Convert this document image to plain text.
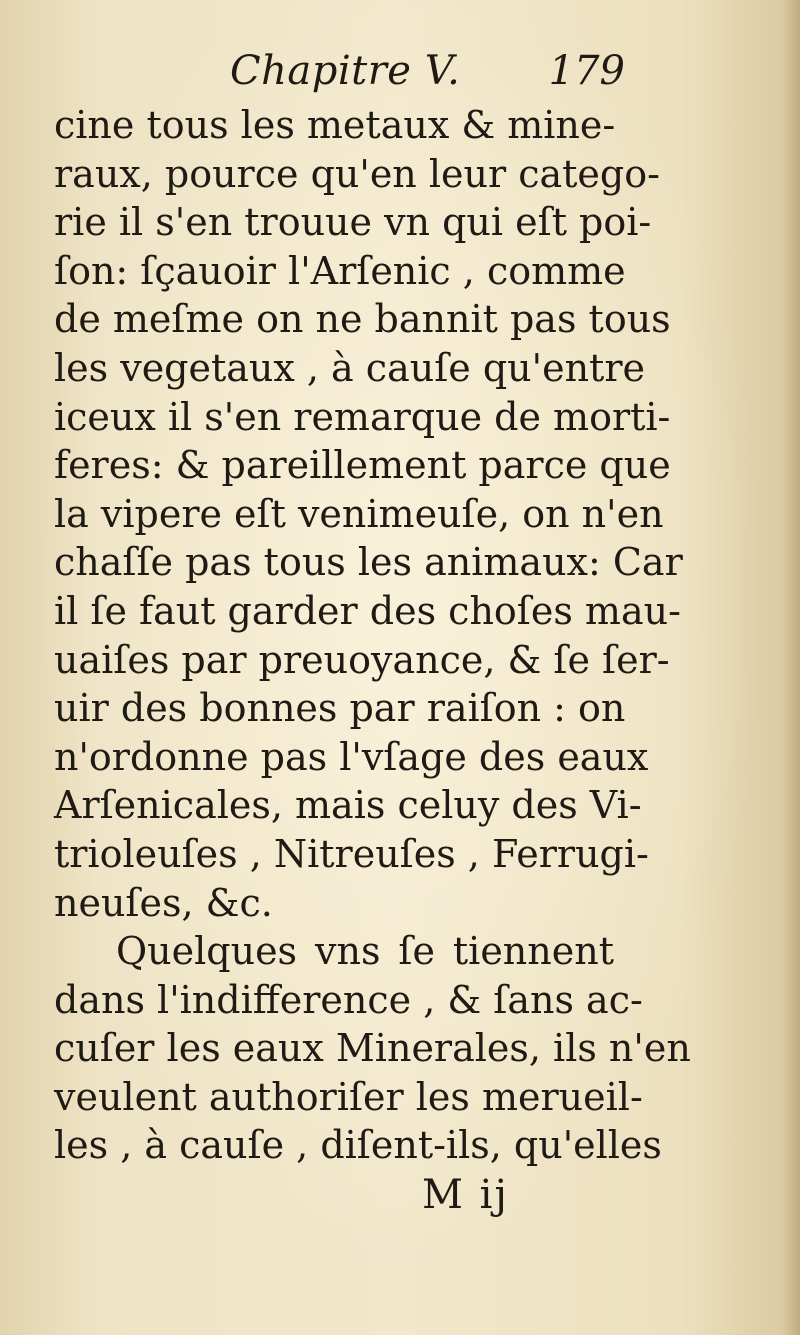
Chapitre V. 179
cine tous les metaux & mine-
raux, pource qu'en leur catego-
rie il s'en trouue vn qui eſt poi-
ſon: ſçauoir l'Arſenic , comme
de meſme on ne bannit pas tous
les vegetaux , à cauſe qu'entre
iceux il s'en remarque de morti-
feres: & pareillement parce que
la vipere eſt venimeuſe, on n'en
chaſſe pas tous les animaux: Car
il ſe faut garder des choſes mau-
uaiſes par preuoyance, & ſe ſer-
uir des bonnes par raiſon : on
n'ordonne pas l'vſage des eaux
Arſenicales, mais celuy des Vi-
trioleuſes , Nitreuſes , Ferrugi-
neuſes, &c.
Quelques vns ſe tiennent
dans l'indifference , & ſans ac-
cuſer les eaux Minerales, ils n'en
veulent authoriſer les merueil-
les , à cauſe , diſent-ils, qu'elles
M ij
